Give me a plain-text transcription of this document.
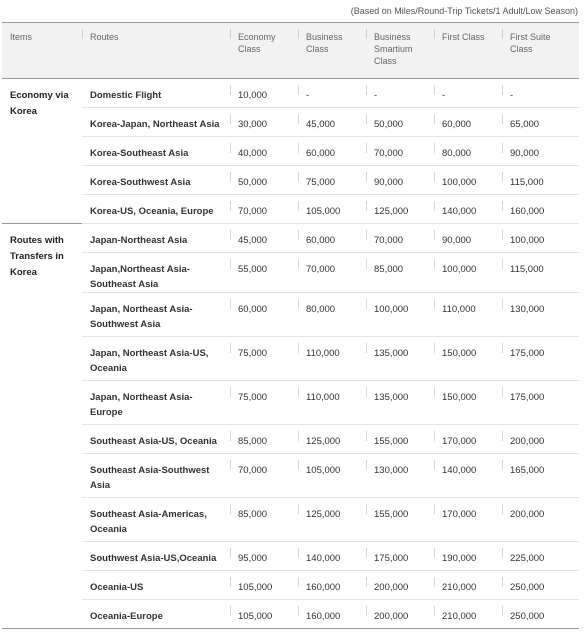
(Based on Miles/Round-Trip Tickets/1 Adult/Low Season)
Items	Routes	Economy Class	Business Class	Business Smartium Class	First Class	First Suite Class
Economy via Korea	Domestic Flight	10,000	-	-	-	-
	Korea-Japan, Northeast Asia	30,000	45,000	50,000	60,000	65,000
	Korea-Southeast Asia	40,000	60,000	70,000	80,000	90,000
	Korea-Southwest Asia	50,000	75,000	90,000	100,000	115,000
	Korea-US, Oceania, Europe	70,000	105,000	125,000	140,000	160,000
Routes with Transfers in Korea	Japan-Northeast Asia	45,000	60,000	70,000	90,000	100,000
	Japan,Northeast Asia-Southeast Asia	55,000	70,000	85,000	100,000	115,000
	Japan, Northeast Asia-Southwest Asia	60,000	80,000	100,000	110,000	130,000
	Japan, Northeast Asia-US, Oceania	75,000	110,000	135,000	150,000	175,000
	Japan, Northeast Asia-Europe	75,000	110,000	135,000	150,000	175,000
	Southeast Asia-US, Oceania	85,000	125,000	155,000	170,000	200,000
	Southeast Asia-Southwest Asia	70,000	105,000	130,000	140,000	165,000
	Southeast Asia-Americas, Oceania	85,000	125,000	155,000	170,000	200,000
	Southwest Asia-US,Oceania	95,000	140,000	175,000	190,000	225,000
	Oceania-US	105,000	160,000	200,000	210,000	250,000
	Oceania-Europe	105,000	160,000	200,000	210,000	250,000
